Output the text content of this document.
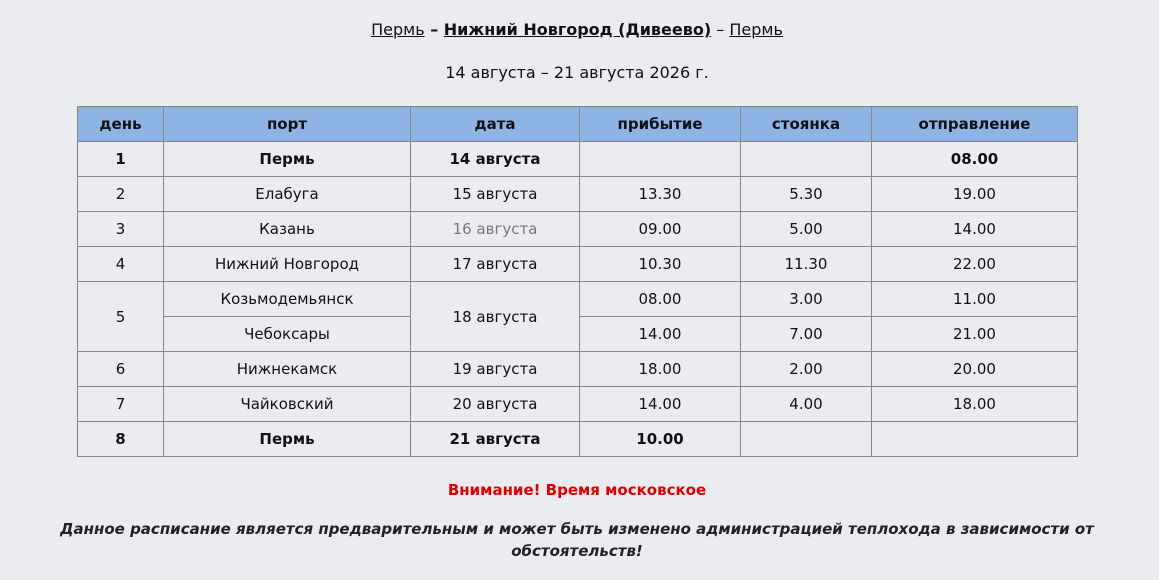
Пермь – Нижний Новгород (Дивеево) – Пермь
14 августа – 21 августа 2026 г.
день	порт	дата	прибытие	стоянка	отправление
1	Пермь	14 августа			08.00
2	Елабуга	15 августа	13.30	5.30	19.00
3	Казань	16 августа	09.00	5.00	14.00
4	Нижний Новгород	17 августа	10.30	11.30	22.00
5	Козьмодемьянск	18 августа	08.00	3.00	11.00
	Чебоксары		14.00	7.00	21.00
6	Нижнекамск	19 августа	18.00	2.00	20.00
7	Чайковский	20 августа	14.00	4.00	18.00
8	Пермь	21 августа	10.00		
Внимание! Время московское
Данное расписание является предварительным и может быть изменено администрацией теплохода в зависимости от обстоятельств!
